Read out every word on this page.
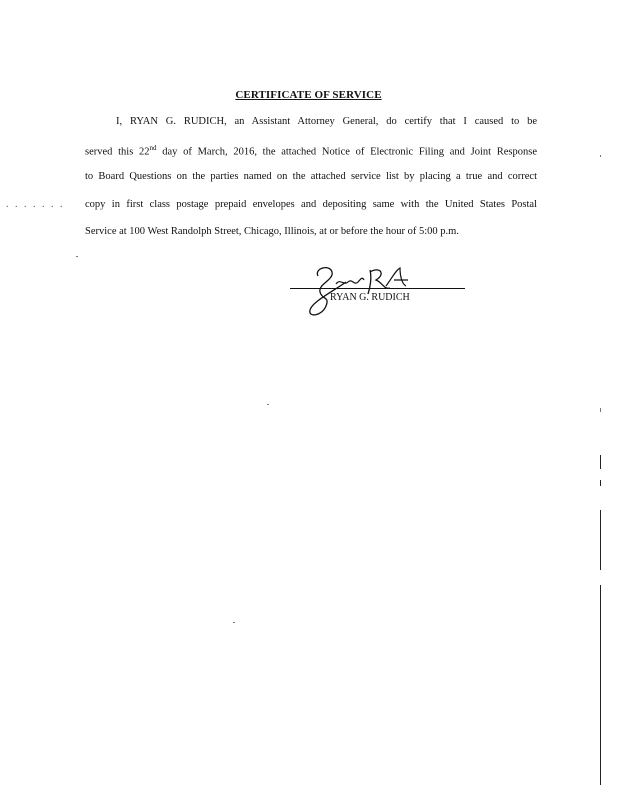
CERTIFICATE OF SERVICE
I, RYAN G. RUDICH, an Assistant Attorney General, do certify that I caused to be
served this 22nd day of March, 2016, the attached Notice of Electronic Filing and Joint Response
to Board Questions on the parties named on the attached service list by placing a true and correct
. . . . . . . copy in first class postage prepaid envelopes and depositing same with the United States Postal
Service at 100 West Randolph Street, Chicago, Illinois, at or before the hour of 5:00 p.m.
RYAN G. RUDICH
